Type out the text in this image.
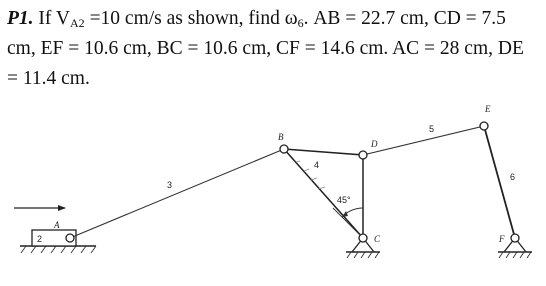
P1. If $V_{A2} =10$ cm/s as shown, find $\omega_6$. AB = 22.7 cm, CD = 7.5 cm, EF = 10.6 cm, BC = 10.6 cm, CF = 14.6 cm. AC = 28 cm, DE = 11.4 cm.

A
B
D
C
E
F
2
3
4
5
6
45°
